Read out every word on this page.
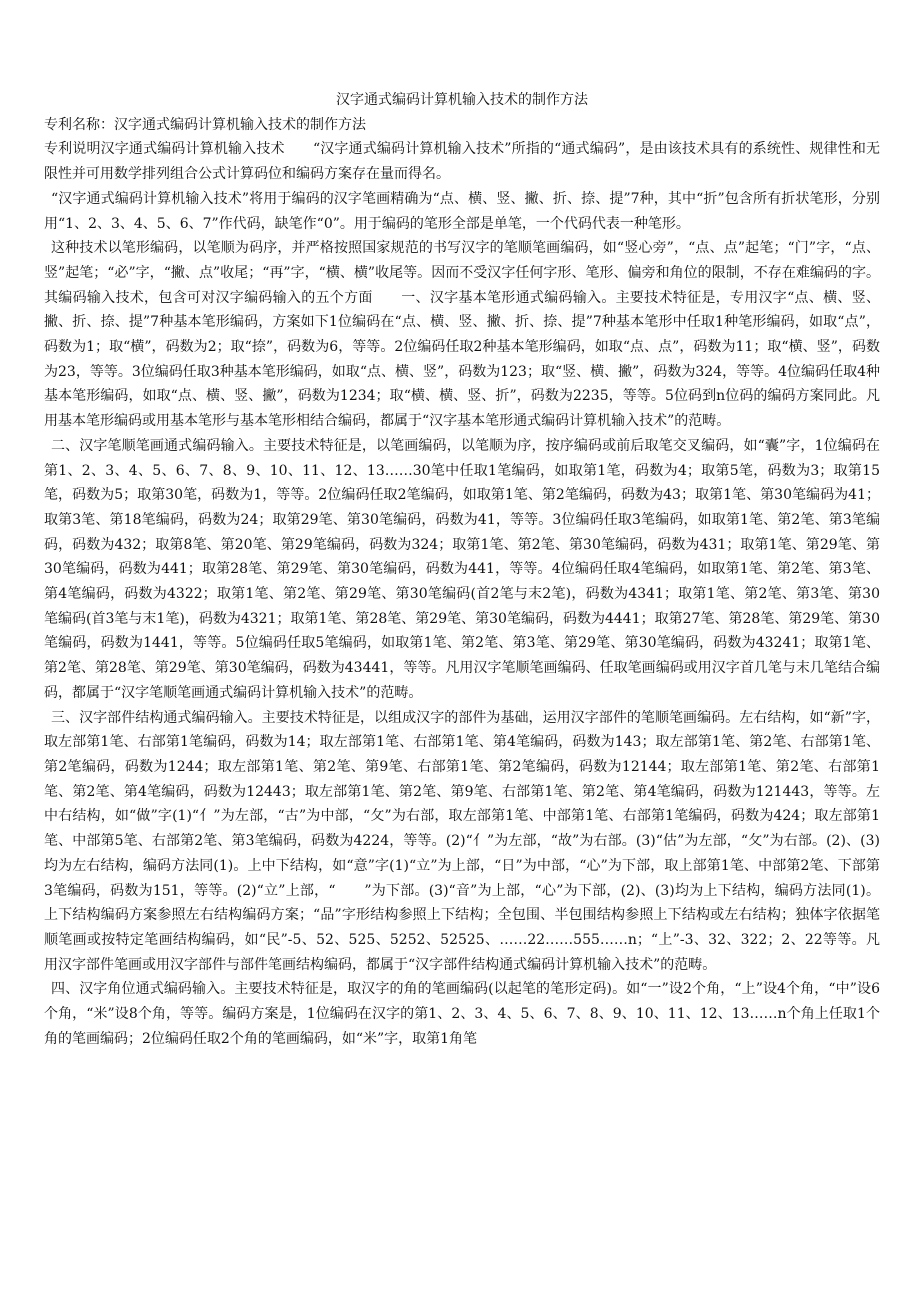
汉字通式编码计算机输入技术的制作方法

专利名称：汉字通式编码计算机输入技术的制作方法

专利说明汉字通式编码计算机输入技术　　“汉字通式编码计算机输入技术”所指的“通式编码”，是由该技术具有的系统性、规律性和无限性并可用数学排列组合公式计算码位和编码方案存在量而得名。

“汉字通式编码计算机输入技术”将用于编码的汉字笔画精确为“点、横、竖、撇、折、捺、提”7种，其中“折”包含所有折状笔形，分别用“1、2、3、4、5、6、7”作代码，缺笔作“0”。用于编码的笔形全部是单笔，一个代码代表一种笔形。

这种技术以笔形编码，以笔顺为码序，并严格按照国家规范的书写汉字的笔顺笔画编码，如“竖心旁”，“点、点”起笔；“门”字，“点、竖”起笔；“必”字，“撇、点”收尾；“再”字，“横、横”收尾等。因而不受汉字任何字形、笔形、偏旁和角位的限制，不存在难编码的字。其编码输入技术，包含可对汉字编码输入的五个方面　　一、汉字基本笔形通式编码输入。主要技术特征是，专用汉字“点、横、竖、撇、折、捺、提”7种基本笔形编码，方案如下1位编码在“点、横、竖、撇、折、捺、提”7种基本笔形中任取1种笔形编码，如取“点”，码数为1；取“横”，码数为2；取“捺”，码数为6，等等。2位编码任取2种基本笔形编码，如取“点、点”，码数为11；取“横、竖”，码数为23，等等。3位编码任取3种基本笔形编码，如取“点、横、竖”，码数为123；取“竖、横、撇”，码数为324，等等。4位编码任取4种基本笔形编码，如取“点、横、竖、撇”，码数为1234；取“横、横、竖、折”，码数为2235，等等。5位码到n位码的编码方案同此。凡用基本笔形编码或用基本笔形与基本笔形相结合编码，都属于“汉字基本笔形通式编码计算机输入技术”的范畴。

二、汉字笔顺笔画通式编码输入。主要技术特征是，以笔画编码，以笔顺为序，按序编码或前后取笔交叉编码，如“囊”字，1位编码在第1、2、3、4、5、6、7、8、9、10、11、12、13……30笔中任取1笔编码，如取第1笔，码数为4；取第5笔，码数为3；取第15笔，码数为5；取第30笔，码数为1，等等。2位编码任取2笔编码，如取第1笔、第2笔编码，码数为43；取第1笔、第30笔编码为41；取第3笔、第18笔编码，码数为24；取第29笔、第30笔编码，码数为41，等等。3位编码任取3笔编码，如取第1笔、第2笔、第3笔编码，码数为432；取第8笔、第20笔、第29笔编码，码数为324；取第1笔、第2笔、第30笔编码，码数为431；取第1笔、第29笔、第30笔编码，码数为441；取第28笔、第29笔、第30笔编码，码数为441，等等。4位编码任取4笔编码，如取第1笔、第2笔、第3笔、第4笔编码，码数为4322；取第1笔、第2笔、第29笔、第30笔编码(首2笔与末2笔)，码数为4341；取第1笔、第2笔、第3笔、第30笔编码(首3笔与末1笔)，码数为4321；取第1笔、第28笔、第29笔、第30笔编码，码数为4441；取第27笔、第28笔、第29笔、第30笔编码，码数为1441，等等。5位编码任取5笔编码，如取第1笔、第2笔、第3笔、第29笔、第30笔编码，码数为43241；取第1笔、第2笔、第28笔、第29笔、第30笔编码，码数为43441，等等。凡用汉字笔顺笔画编码、任取笔画编码或用汉字首几笔与末几笔结合编码，都属于“汉字笔顺笔画通式编码计算机输入技术”的范畴。

三、汉字部件结构通式编码输入。主要技术特征是，以组成汉字的部件为基础，运用汉字部件的笔顺笔画编码。左右结构，如“新”字，取左部第1笔、右部第1笔编码，码数为14；取左部第1笔、右部第1笔、第4笔编码，码数为143；取左部第1笔、第2笔、右部第1笔、第2笔编码，码数为1244；取左部第1笔、第2笔、第9笔、右部第1笔、第2笔编码，码数为12144；取左部第1笔、第2笔、右部第1笔、第2笔、第4笔编码，码数为12443；取左部第1笔、第2笔、第9笔、右部第1笔、第2笔、第4笔编码，码数为121443，等等。左中右结构，如“做”字(1)“亻”为左部，“古”为中部，“攵”为右部，取左部第1笔、中部第1笔、右部第1笔编码，码数为424；取左部第1笔、中部第5笔、右部第2笔、第3笔编码，码数为4224，等等。(2)“亻”为左部，“故”为右部。(3)“估”为左部，“攵”为右部。(2)、(3)均为左右结构，编码方法同(1)。上中下结构，如“意”字(1)“立”为上部，“日”为中部，“心”为下部，取上部第1笔、中部第2笔、下部第3笔编码，码数为151，等等。(2)“立”上部，“　　”为下部。(3)“音”为上部，“心”为下部，(2)、(3)均为上下结构，编码方法同(1)。上下结构编码方案参照左右结构编码方案；“品”字形结构参照上下结构；全包围、半包围结构参照上下结构或左右结构；独体字依据笔顺笔画或按特定笔画结构编码，如“民”-5、52、525、5252、52525、……22……555……n；“上”-3、32、322；2、22等等。凡用汉字部件笔画或用汉字部件与部件笔画结构编码，都属于“汉字部件结构通式编码计算机输入技术”的范畴。

四、汉字角位通式编码输入。主要技术特征是，取汉字的角的笔画编码(以起笔的笔形定码)。如“一”设2个角，“上”设4个角，“中”设6个角，“米”设8个角，等等。编码方案是，1位编码在汉字的第1、2、3、4、5、6、7、8、9、10、11、12、13……n个角上任取1个角的笔画编码；2位编码任取2个角的笔画编码，如“米”字，取第1角笔
